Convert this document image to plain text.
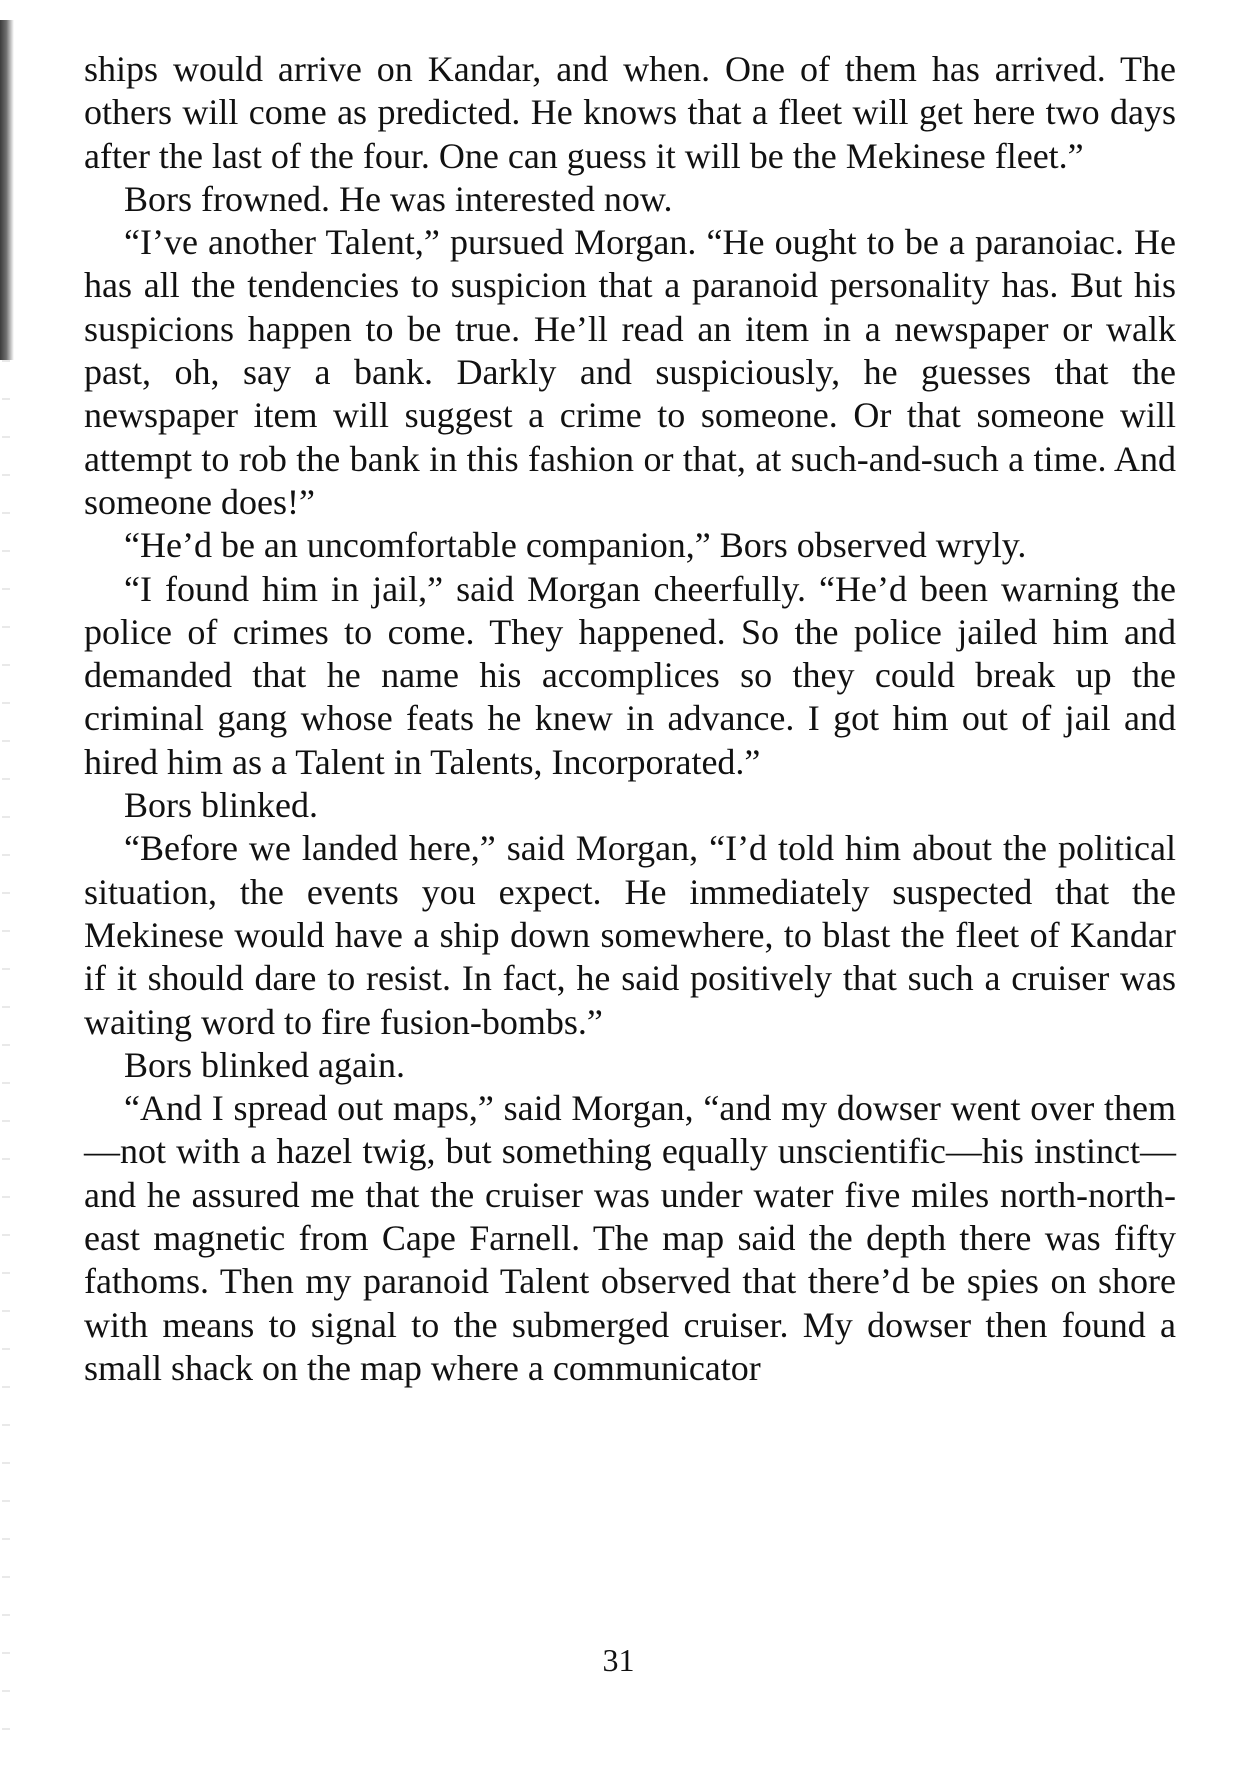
ships would arrive on Kandar, and when. One of them has arrived. The others will come as predicted. He knows that a fleet will get here two days after the last of the four. One can guess it will be the Mekinese fleet.”

Bors frowned. He was interested now.

“I’ve another Talent,” pursued Morgan. “He ought to be a paranoiac. He has all the tendencies to suspicion that a paranoid personality has. But his suspicions happen to be true. He’ll read an item in a newspaper or walk past, oh, say a bank. Darkly and suspiciously, he guesses that the newspaper item will suggest a crime to someone. Or that someone will attempt to rob the bank in this fashion or that, at such-and-such a time. And someone does!”

“He’d be an uncomfortable companion,” Bors observed wryly.

“I found him in jail,” said Morgan cheerfully. “He’d been warning the police of crimes to come. They happened. So the police jailed him and demanded that he name his accomplices so they could break up the criminal gang whose feats he knew in advance. I got him out of jail and hired him as a Talent in Talents, Incorporated.”

Bors blinked.

“Before we landed here,” said Morgan, “I’d told him about the political situation, the events you expect. He immediately suspected that the Mekinese would have a ship down somewhere, to blast the fleet of Kandar if it should dare to resist. In fact, he said positively that such a cruiser was waiting word to fire fusion-bombs.”

Bors blinked again.

“And I spread out maps,” said Morgan, “and my dowser went over them—not with a hazel twig, but something equally unscientific—his instinct—and he assured me that the cruiser was under water five miles north-north-east magnetic from Cape Farnell. The map said the depth there was fifty fathoms. Then my paranoid Talent observed that there’d be spies on shore with means to signal to the submerged cruiser. My dowser then found a small shack on the map where a communicator

31
